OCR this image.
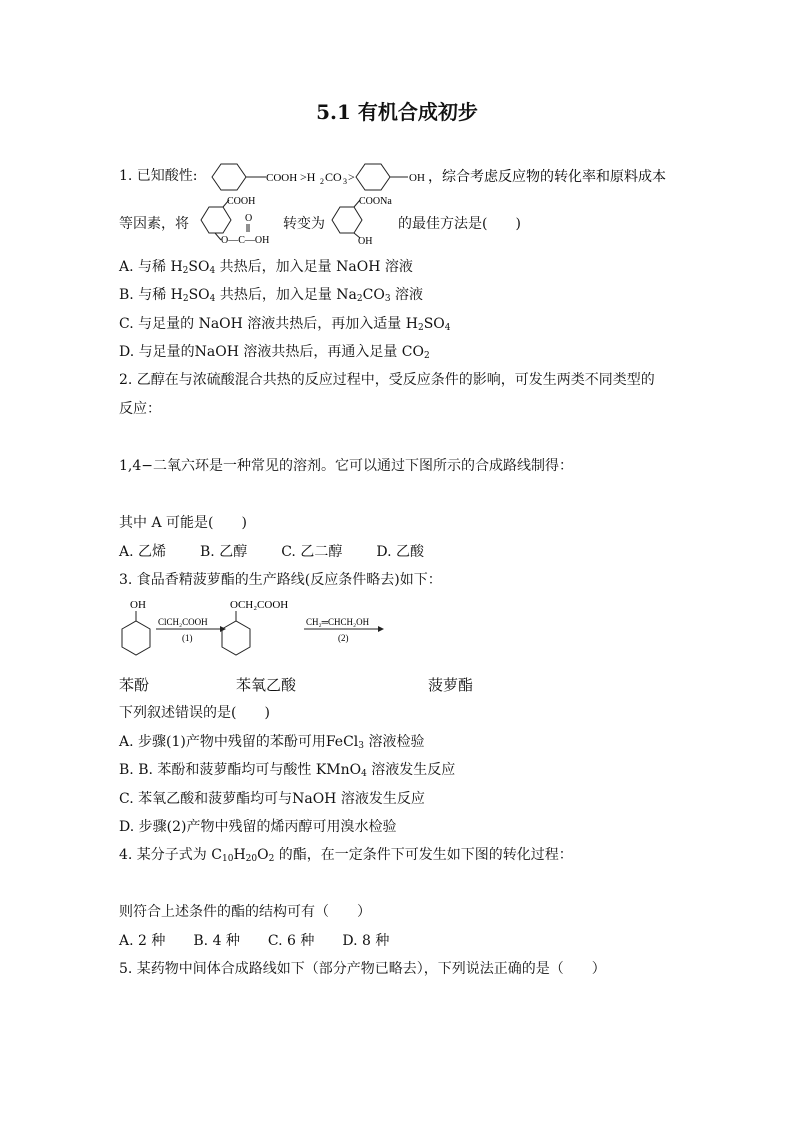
5.1 有机合成初步
1. 已知酸性:	COOH >H 2 CO 3 >	OH ，综合考虑反应物的转化率和原料成本
等因素，将
COOH
O
O—C—OH
转变为
COONa
OH
的最佳方法是(　　)
A. 与稀 $H_2SO_4$ 共热后，加入足量 NaOH 溶液
B. 与稀 $H_2SO_4$ 共热后，加入足量 $Na_2CO_3$ 溶液
C. 与足量的 NaOH 溶液共热后，再加入适量 $H_2SO_4$
D. 与足量的NaOH 溶液共热后，再通入足量 $CO_2$
2. 乙醇在与浓硫酸混合共热的反应过程中，受反应条件的影响，可发生两类不同类型的
反应：
1,4−二氧六环是一种常见的溶剂。它可以通过下图所示的合成路线制得：
其中 A 可能是(　　)
A. 乙烯 B. 乙醇 C. 乙二醇 D. 乙酸
3. 食品香精菠萝酯的生产路线(反应条件略去)如下：
OH
ClCH₂COOH
(1)
OCH₂COOH
CH₂═CHCH₂OH
(2)
苯酚	苯氧乙酸	菠萝酯
下列叙述错误的是(　　)
A. 步骤(1)产物中残留的苯酚可用FeCl$_3$ 溶液检验
B. B. 苯酚和菠萝酯均可与酸性 KMnO$_4$ 溶液发生反应
C. 苯氧乙酸和菠萝酯均可与NaOH 溶液发生反应
D. 步骤(2)产物中残留的烯丙醇可用溴水检验
4. 某分子式为 $C_{10}H_{20}O_2$ 的酯，在一定条件下可发生如下图的转化过程：
则符合上述条件的酯的结构可有（　　）
A. 2 种 B. 4 种 C. 6 种 D. 8 种
5. 某药物中间体合成路线如下（部分产物已略去），下列说法正确的是（　　）
